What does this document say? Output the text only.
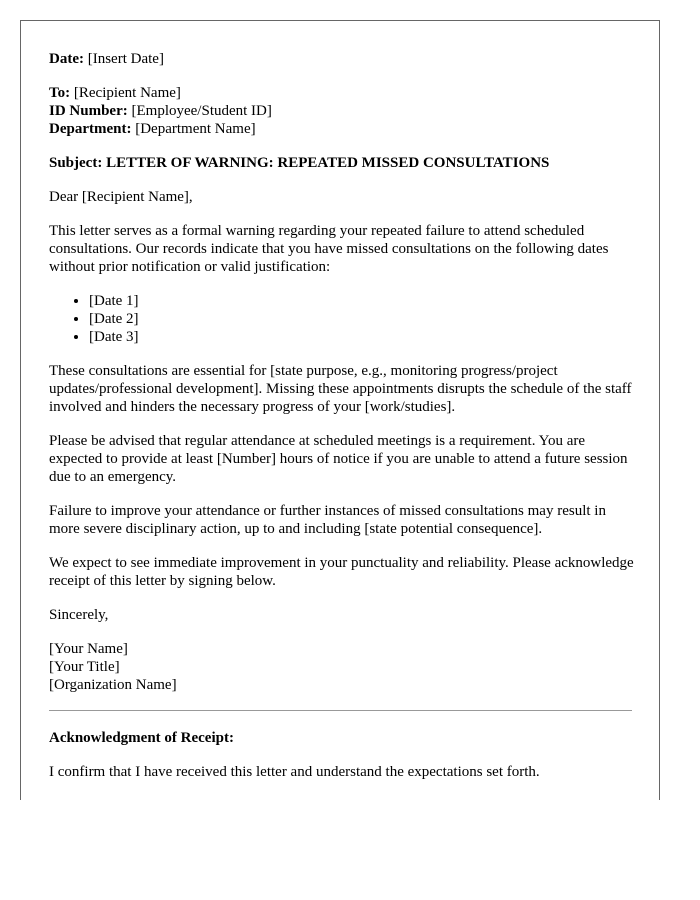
Date: [Insert Date]

To: [Recipient Name]
ID Number: [Employee/Student ID]
Department: [Department Name]

Subject: LETTER OF WARNING: REPEATED MISSED CONSULTATIONS

Dear [Recipient Name],

This letter serves as a formal warning regarding your repeated failure to attend scheduled consultations. Our records indicate that you have missed consultations on the following dates without prior notification or valid justification:

• [Date 1]
• [Date 2]
• [Date 3]

These consultations are essential for [state purpose, e.g., monitoring progress/project updates/professional development]. Missing these appointments disrupts the schedule of the staff involved and hinders the necessary progress of your [work/studies].

Please be advised that regular attendance at scheduled meetings is a requirement. You are expected to provide at least [Number] hours of notice if you are unable to attend a future session due to an emergency.

Failure to improve your attendance or further instances of missed consultations may result in more severe disciplinary action, up to and including [state potential consequence].

We expect to see immediate improvement in your punctuality and reliability. Please acknowledge receipt of this letter by signing below.

Sincerely,

[Your Name]
[Your Title]
[Organization Name]

Acknowledgment of Receipt:

I confirm that I have received this letter and understand the expectations set forth.
